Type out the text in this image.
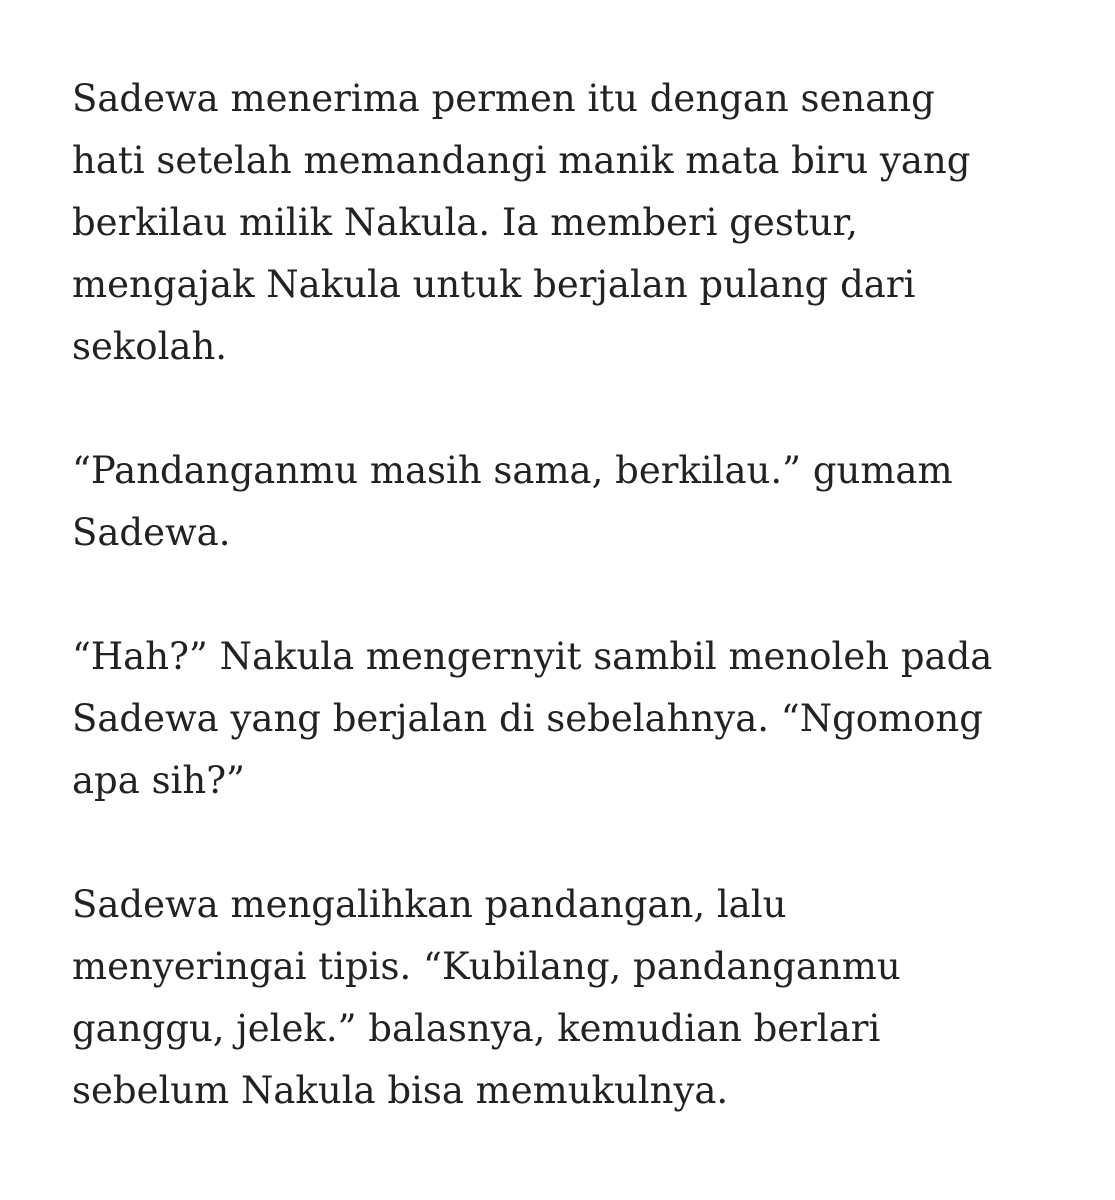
Sadewa menerima permen itu dengan senang
hati setelah memandangi manik mata biru yang
berkilau milik Nakula. Ia memberi gestur,
mengajak Nakula untuk berjalan pulang dari
sekolah.

“Pandanganmu masih sama, berkilau.” gumam
Sadewa.

“Hah?” Nakula mengernyit sambil menoleh pada
Sadewa yang berjalan di sebelahnya. “Ngomong
apa sih?”

Sadewa mengalihkan pandangan, lalu
menyeringai tipis. “Kubilang, pandanganmu
ganggu, jelek.” balasnya, kemudian berlari
sebelum Nakula bisa memukulnya.
